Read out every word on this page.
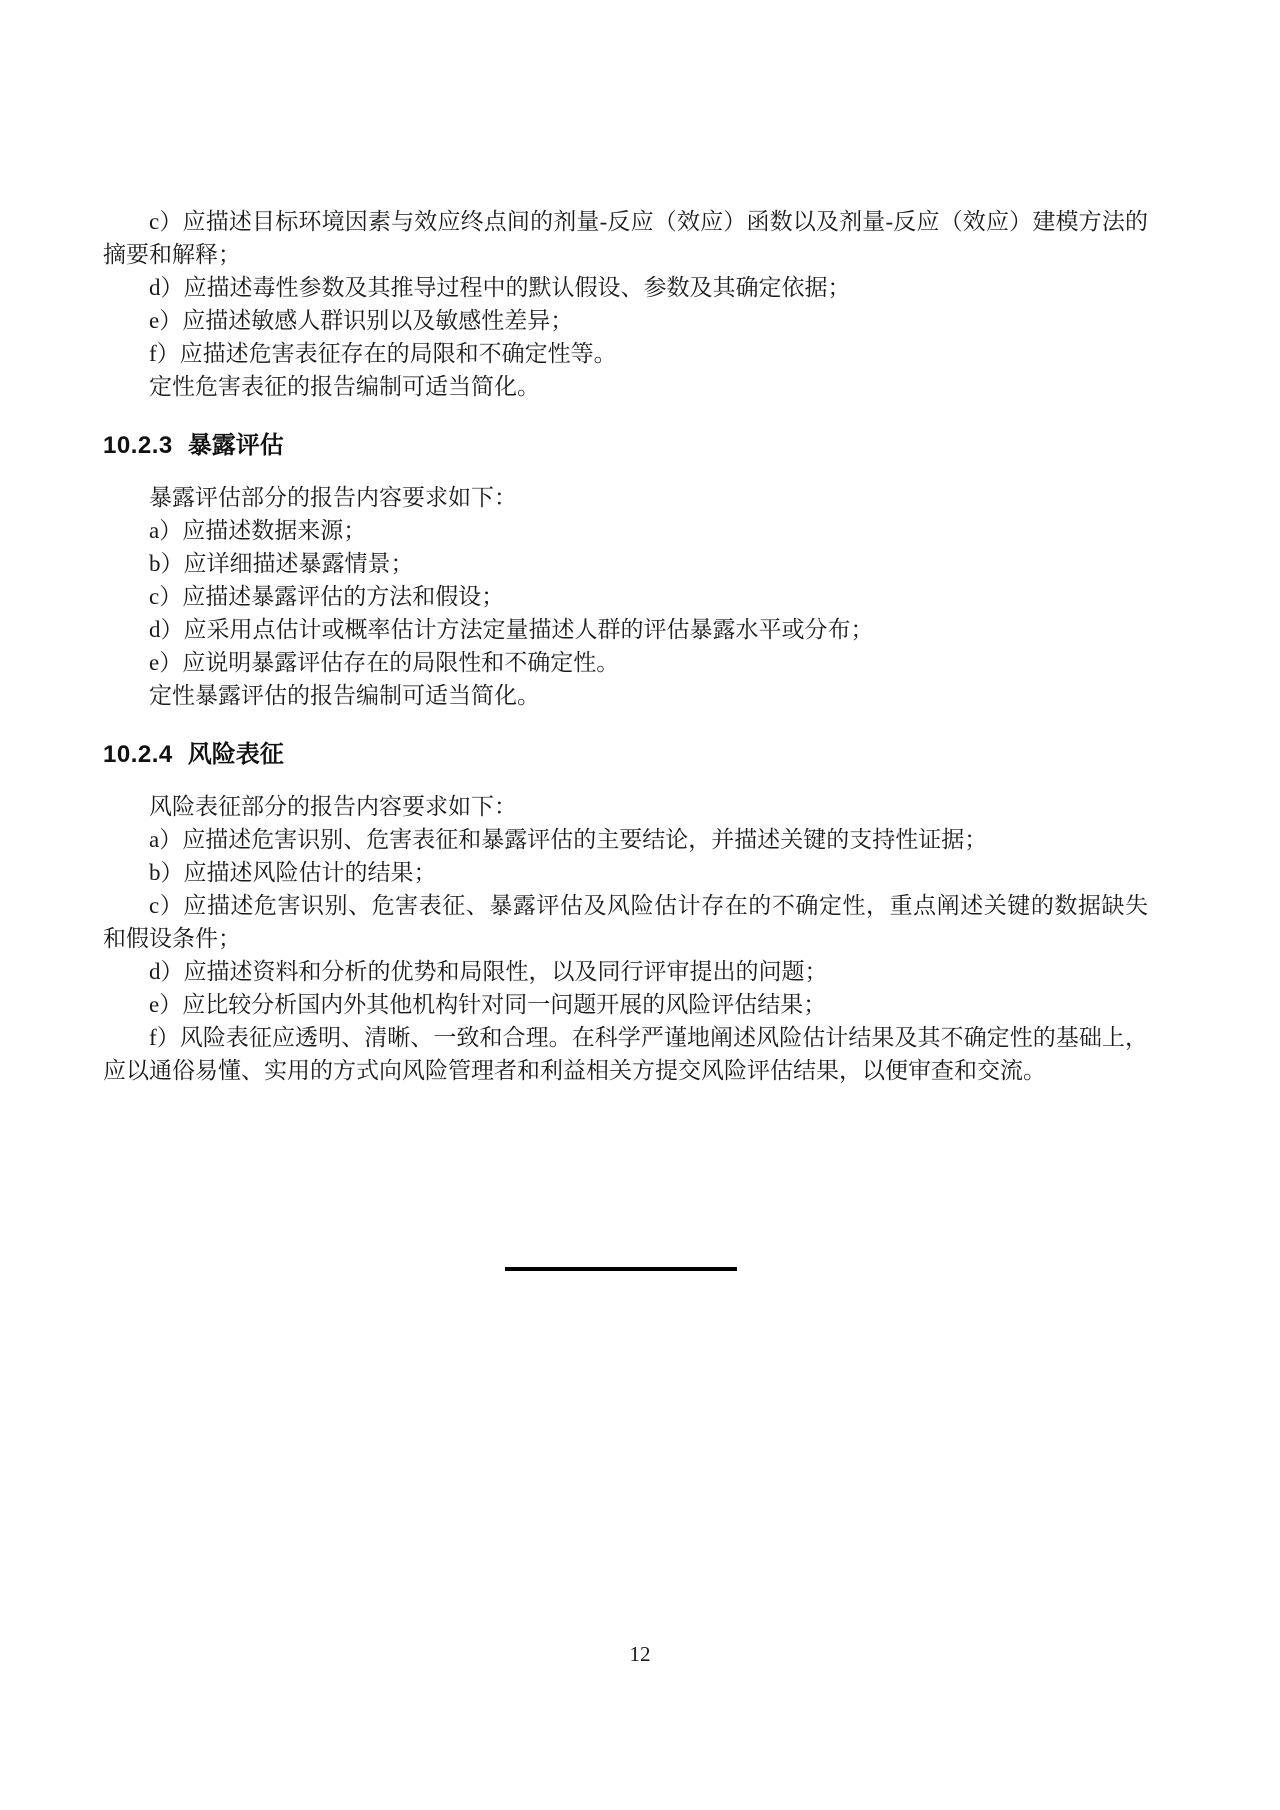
c）应描述目标环境因素与效应终点间的剂量-反应（效应）函数以及剂量-反应（效应）建模方法的摘要和解释；

d）应描述毒性参数及其推导过程中的默认假设、参数及其确定依据；

e）应描述敏感人群识别以及敏感性差异；

f）应描述危害表征存在的局限和不确定性等。

定性危害表征的报告编制可适当简化。

10.2.3 暴露评估

暴露评估部分的报告内容要求如下：

a）应描述数据来源；

b）应详细描述暴露情景；

c）应描述暴露评估的方法和假设；

d）应采用点估计或概率估计方法定量描述人群的评估暴露水平或分布；

e）应说明暴露评估存在的局限性和不确定性。

定性暴露评估的报告编制可适当简化。

10.2.4 风险表征

风险表征部分的报告内容要求如下：

a）应描述危害识别、危害表征和暴露评估的主要结论，并描述关键的支持性证据；

b）应描述风险估计的结果；

c）应描述危害识别、危害表征、暴露评估及风险估计存在的不确定性，重点阐述关键的数据缺失和假设条件；

d）应描述资料和分析的优势和局限性，以及同行评审提出的问题；

e）应比较分析国内外其他机构针对同一问题开展的风险评估结果；

f）风险表征应透明、清晰、一致和合理。在科学严谨地阐述风险估计结果及其不确定性的基础上，应以通俗易懂、实用的方式向风险管理者和利益相关方提交风险评估结果，以便审查和交流。

12
